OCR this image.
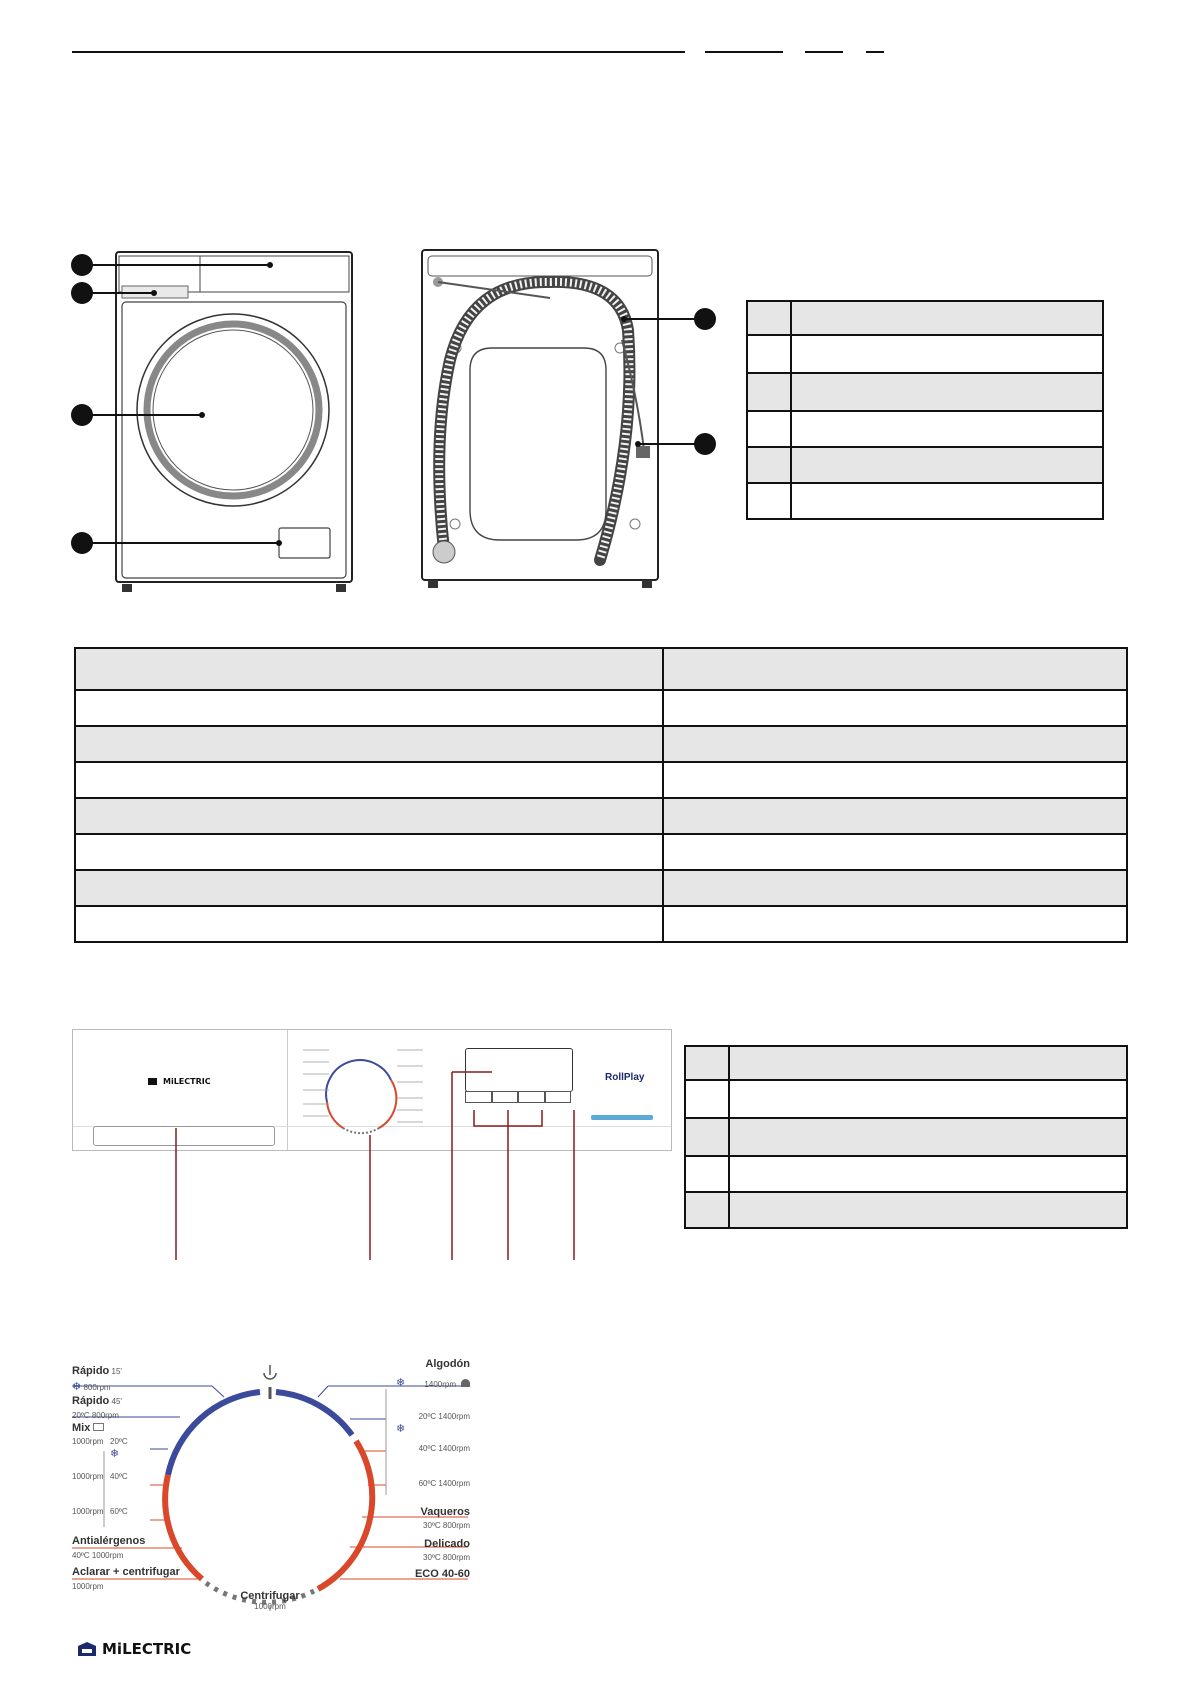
MiLECTRIC	RollPlay

Rápido 15'
❄ 800rpm
Rápido 45'
20ºC 800rpm
Mix
1000rpm 20ºC
❄
1000rpm 40ºC
1000rpm 60ºC
Antialérgenos
40ºC 1000rpm
Aclarar + centrifugar
1000rpm
Algodón
1400rpm
❄
20ºC 1400rpm
❄
40ºC 1400rpm
60ºC 1400rpm
Vaqueros
30ºC 800rpm
Delicado
30ºC 800rpm
ECO 40-60
Centrifugar
1000rpm
MiLECTRIC
